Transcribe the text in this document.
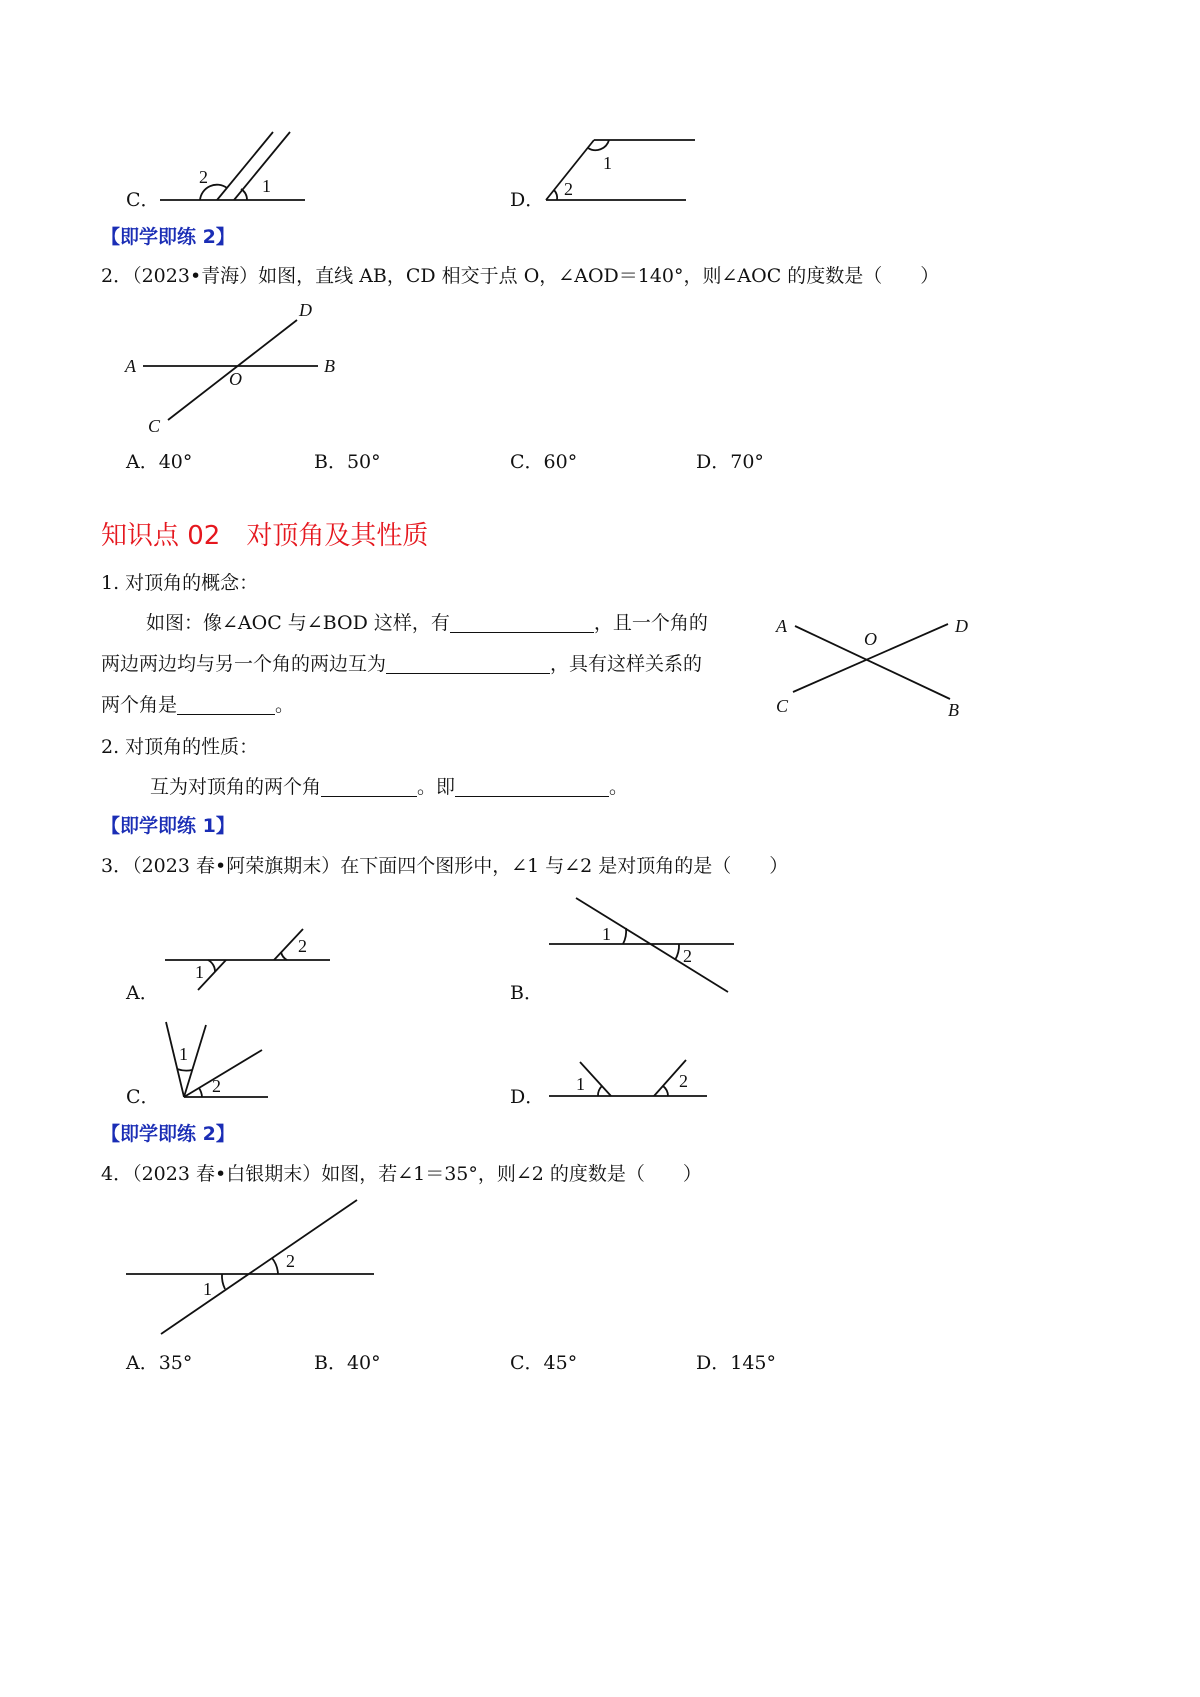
C．
2	1
D．
1
2
【即学即练 2】
2．（2023•青海）如图，直线 AB，CD 相交于点 O，∠AOD＝140°，则∠AOC 的度数是（　　）
A	B
C
D
O
A．40°	B．50°	C．60°	D．70°
知识点 02　对顶角及其性质
1. 对顶角的概念：
如图：像∠AOC 与∠BOD 这样，有	，且一个角的
两边两边均与另一个角的两边互为	，具有这样关系的
两个角是	。
A
B
C
D
O
2. 对顶角的性质：
互为对顶角的两个角	。即	。
【即学即练 1】
3．（2023 春•阿荣旗期末）在下面四个图形中，∠1 与∠2 是对顶角的是（　　）
A．
1
2
B．
1
2
C．
1
2	D．
1	2
【即学即练 2】
4．（2023 春•白银期末）如图，若∠1＝35°，则∠2 的度数是（　　）
1
2
A．35°	B．40°	C．45°	D．145°
